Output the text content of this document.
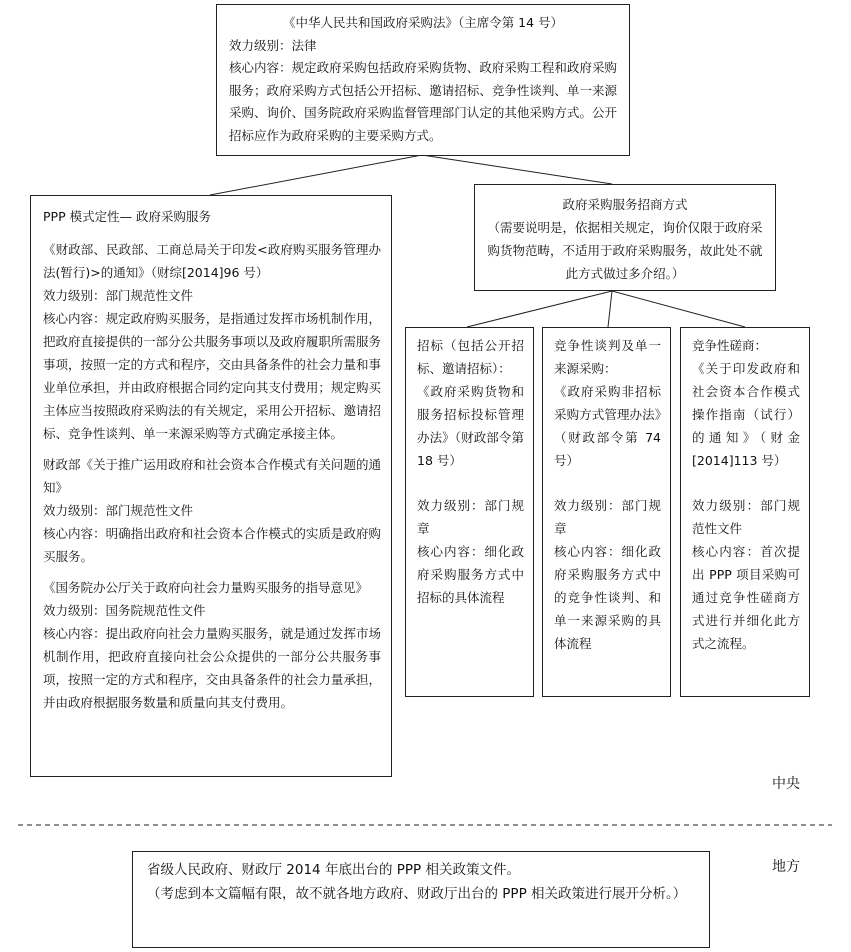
《中华人民共和国政府采购法》（主席令第 14 号）
效力级别：法律
核心内容：规定政府采购包括政府采购货物、政府采购工程和政府采购服务；政府采购方式包括公开招标、邀请招标、竞争性谈判、单一来源采购、询价、国务院政府采购监督管理部门认定的其他采购方式。公开招标应作为政府采购的主要采购方式。
PPP 模式定性— 政府采购服务
《财政部、民政部、工商总局关于印发<政府购买服务管理办法(暂行)>的通知》（财综[2014]96 号）
效力级别：部门规范性文件
核心内容：规定政府购买服务，是指通过发挥市场机制作用，把政府直接提供的一部分公共服务事项以及政府履职所需服务事项，按照一定的方式和程序，交由具备条件的社会力量和事业单位承担，并由政府根据合同约定向其支付费用；规定购买主体应当按照政府采购法的有关规定，采用公开招标、邀请招标、竞争性谈判、单一来源采购等方式确定承接主体。
财政部《关于推广运用政府和社会资本合作模式有关问题的通知》
效力级别：部门规范性文件
核心内容：明确指出政府和社会资本合作模式的实质是政府购买服务。
《国务院办公厅关于政府向社会力量购买服务的指导意见》
效力级别：国务院规范性文件
核心内容：提出政府向社会力量购买服务，就是通过发挥市场机制作用，把政府直接向社会公众提供的一部分公共服务事项，按照一定的方式和程序，交由具备条件的社会力量承担，并由政府根据服务数量和质量向其支付费用。
政府采购服务招商方式
（需要说明是，依据相关规定，询价仅限于政府采购货物范畴，不适用于政府采购服务，故此处不就此方式做过多介绍。）
招标（包括公开招标、邀请招标）：
《政府采购货物和服务招标投标管理办法》（财政部令第 18 号）
效力级别：部门规章
核心内容：细化政府采购服务方式中招标的具体流程
竞争性谈判及单一来源采购：
《政府采购非招标采购方式管理办法》（财政部令第 74 号）
效力级别：部门规章
核心内容：细化政府采购服务方式中的竞争性谈判、和单一来源采购的具体流程
竞争性磋商：
《关于印发政府和社会资本合作模式操作指南（试行）的通知》（财金[2014]113 号）
效力级别：部门规范性文件
核心内容：首次提出 PPP 项目采购可通过竞争性磋商方式进行并细化此方式之流程。
中央
地方
省级人民政府、财政厅 2014 年底出台的 PPP 相关政策文件。
（考虑到本文篇幅有限，故不就各地方政府、财政厅出台的 PPP 相关政策进行展开分析。）
